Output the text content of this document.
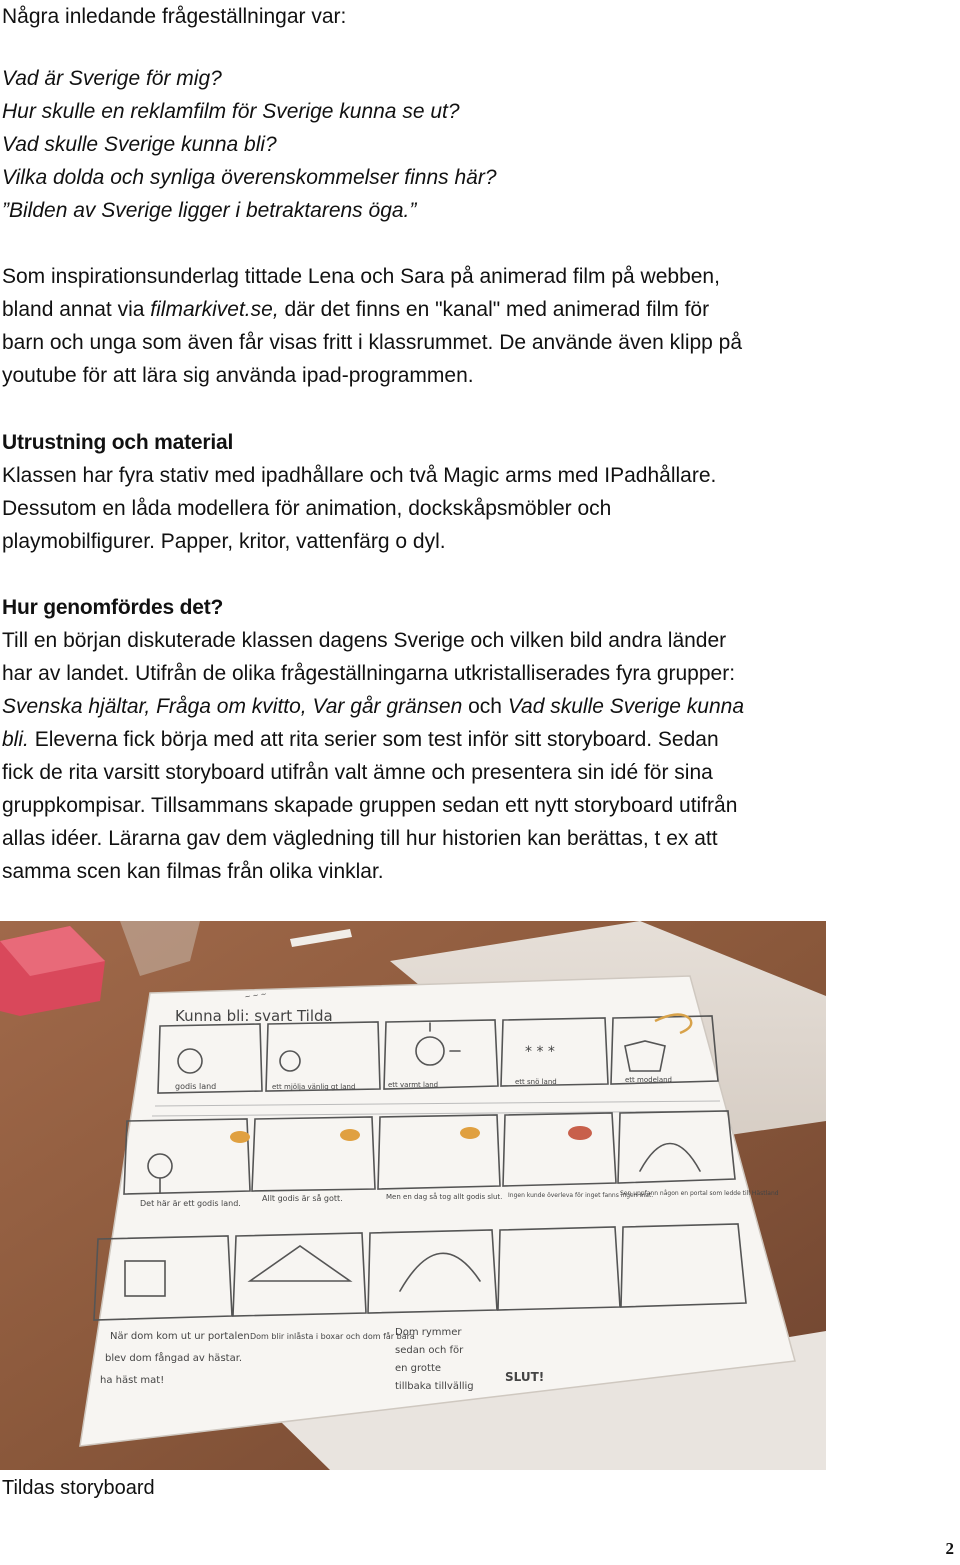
Några inledande frågeställningar var:
Vad är Sverige för mig?
Hur skulle en reklamfilm för Sverige kunna se ut?
Vad skulle Sverige kunna bli?
Vilka dolda och synliga överenskommelser finns här?
”Bilden av Sverige ligger i betraktarens öga.”
Som inspirationsunderlag tittade Lena och Sara på animerad film på webben,
bland annat via filmarkivet.se, där det finns en "kanal" med animerad film för
barn och unga som även får visas fritt i klassrummet. De använde även klipp på
youtube för att lära sig använda ipad-programmen.
Utrustning och material
Klassen har fyra stativ med ipadhållare och två Magic arms med IPadhållare.
Dessutom en låda modellera för animation, dockskåpsmöbler och
playmobilfigurer. Papper, kritor, vattenfärg o dyl.
Hur genomfördes det?
Till en början diskuterade klassen dagens Sverige och vilken bild andra länder
har av landet. Utifrån de olika frågeställningarna utkristalliserades fyra grupper:
Svenska hjältar, Fråga om kvitto, Var går gränsen och Vad skulle Sverige kunna
bli. Eleverna fick börja med att rita serier som test inför sitt storyboard. Sedan
fick de rita varsitt storyboard utifrån valt ämne och presentera sin idé för sina
gruppkompisar. Tillsammans skapade gruppen sedan ett nytt storyboard utifrån
allas idéer. Lärarna gav dem vägledning till hur historien kan berättas, t ex att
samma scen kan filmas från olika vinklar.
Kunna bli: svart Tilda
~ ~ ~
* * *
godis land	ett mjölja vänlig gt land	ett varmt land	ett snö land	ett modeland
Det här är ett godis land.
Allt godis är så gott.	Men en dag så tog allt godis slut. Ingen kunde överleva för inget fanns ingen mat.
Sen uppfann någon en portal som ledde till Hästland
När dom kom ut ur portalen
blev dom fångad av hästar.
Dom blir inlåsta i boxar och dom får bara
ha häst mat!
Dom rymmer
sedan och för
en grotte
tillbaka tillvällig
SLUT!
Tildas storyboard
2
